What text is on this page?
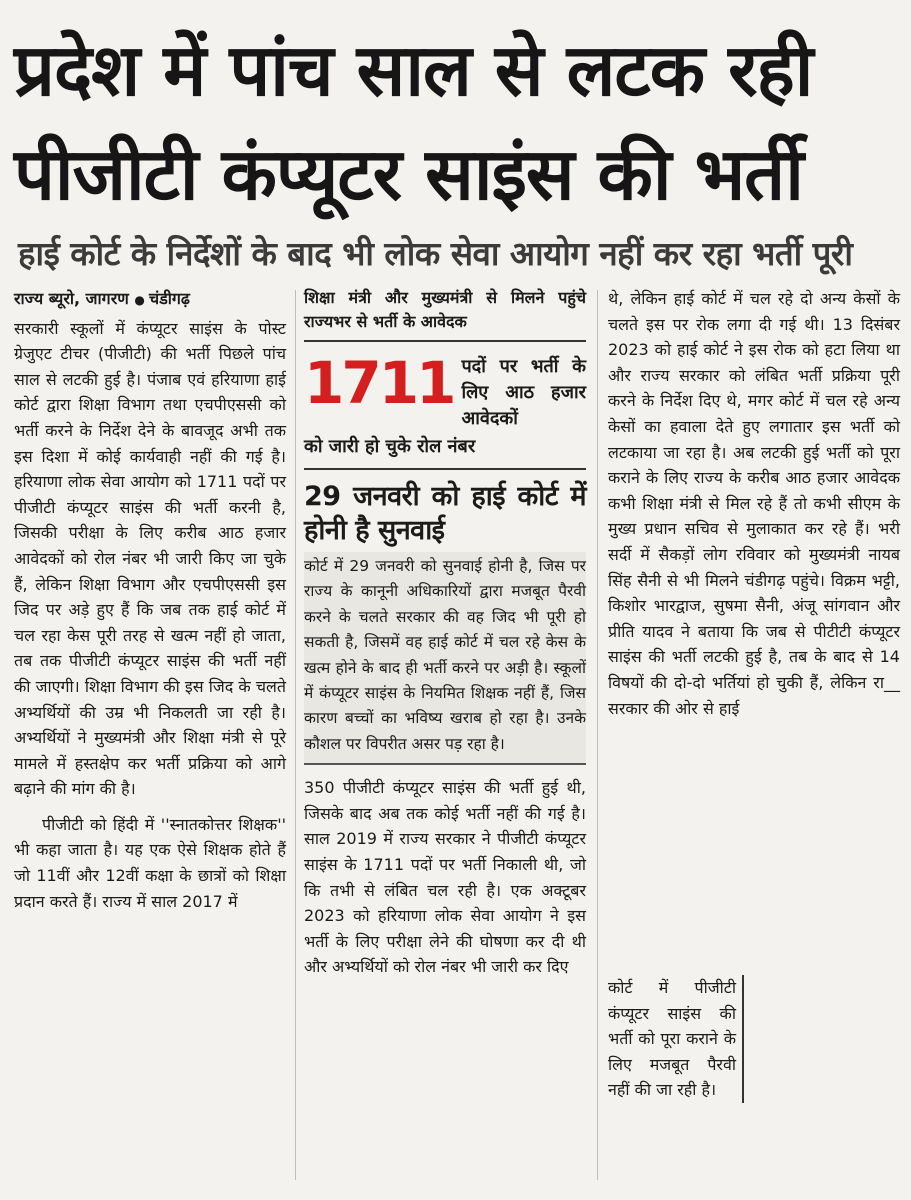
प्रदेश में पांच साल से लटक रही
पीजीटी कंप्यूटर साइंस की भर्ती
हाई कोर्ट के निर्देशों के बाद भी लोक सेवा आयोग नहीं कर रहा भर्ती पूरी

राज्य ब्यूरो, जागरण ● चंडीगढ़

सरकारी स्कूलों में कंप्यूटर साइंस के पोस्ट ग्रेजुएट टीचर (पीजीटी) की भर्ती पिछले पांच साल से लटकी हुई है। पंजाब एवं हरियाणा हाई कोर्ट द्वारा शिक्षा विभाग तथा एचपीएससी को भर्ती करने के निर्देश देने के बावजूद अभी तक इस दिशा में कोई कार्यवाही नहीं की गई है। हरियाणा लोक सेवा आयोग को 1711 पदों पर पीजीटी कंप्यूटर साइंस की भर्ती करनी है, जिसकी परीक्षा के लिए करीब आठ हजार आवेदकों को रोल नंबर भी जारी किए जा चुके हैं, लेकिन शिक्षा विभाग और एचपीएससी इस जिद पर अड़े हुए हैं कि जब तक हाई कोर्ट में चल रहा केस पूरी तरह से खत्म नहीं हो जाता, तब तक पीजीटी कंप्यूटर साइंस की भर्ती नहीं की जाएगी। शिक्षा विभाग की इस जिद के चलते अभ्यर्थियों की उम्र भी निकलती जा रही है। अभ्यर्थियों ने मुख्यमंत्री और शिक्षा मंत्री से पूरे मामले में हस्तक्षेप कर भर्ती प्रक्रिया को आगे बढ़ाने की मांग की है।

पीजीटी को हिंदी में ''स्नातकोत्तर शिक्षक'' भी कहा जाता है। यह एक ऐसे शिक्षक होते हैं जो 11वीं और 12वीं कक्षा के छात्रों को शिक्षा प्रदान करते हैं। राज्य में साल 2017 में

शिक्षा मंत्री और मुख्यमंत्री से मिलने पहुंचे राज्यभर से भर्ती के आवेदक

1711 पदों पर भर्ती के लिए आठ हजार आवेदकों

को जारी हो चुके रोल नंबर

29 जनवरी को हाई कोर्ट में होनी है सुनवाई

कोर्ट में 29 जनवरी को सुनवाई होनी है, जिस पर राज्य के कानूनी अधिकारियों द्वारा मजबूत पैरवी करने के चलते सरकार की वह जिद भी पूरी हो सकती है, जिसमें वह हाई कोर्ट में चल रहे केस के खत्म होने के बाद ही भर्ती करने पर अड़ी है। स्कूलों में कंप्यूटर साइंस के नियमित शिक्षक नहीं हैं, जिस कारण बच्चों का भविष्य खराब हो रहा है। उनके कौशल पर विपरीत असर पड़ रहा है।

350 पीजीटी कंप्यूटर साइंस की भर्ती हुई थी, जिसके बाद अब तक कोई भर्ती नहीं की गई है। साल 2019 में राज्य सरकार ने पीजीटी कंप्यूटर साइंस के 1711 पदों पर भर्ती निकाली थी, जो कि तभी से लंबित चल रही है। एक अक्टूबर 2023 को हरियाणा लोक सेवा आयोग ने इस भर्ती के लिए परीक्षा लेने की घोषणा कर दी थी और अभ्यर्थियों को रोल नंबर भी जारी कर दिए

थे, लेकिन हाई कोर्ट में चल रहे दो अन्य केसों के चलते इस पर रोक लगा दी गई थी। 13 दिसंबर 2023 को हाई कोर्ट ने इस रोक को हटा लिया था और राज्य सरकार को लंबित भर्ती प्रक्रिया पूरी करने के निर्देश दिए थे, मगर कोर्ट में चल रहे अन्य केसों का हवाला देते हुए लगातार इस भर्ती को लटकाया जा रहा है। अब लटकी हुई भर्ती को पूरा कराने के लिए राज्य के करीब आठ हजार आवेदक कभी शिक्षा मंत्री से मिल रहे हैं तो कभी सीएम के मुख्य प्रधान सचिव से मुलाकात कर रहे हैं। भरी सर्दी में सैकड़ों लोग रविवार को मुख्यमंत्री नायब सिंह सैनी से भी मिलने चंडीगढ़ पहुंचे। विक्रम भट्टी, किशोर भारद्वाज, सुषमा सैनी, अंजू सांगवान और प्रीति यादव ने बताया कि जब से पीटीटी कंप्यूटर साइंस की भर्ती लटकी हुई है, तब के बाद से 14 विषयों की दो-दो भर्तियां हो चुकी हैं, लेकिन रा__ सरकार की ओर से हाई

कोर्ट में पीजीटी कंप्यूटर साइंस की भर्ती को पूरा कराने के लिए मजबूत पैरवी नहीं की जा रही है।
